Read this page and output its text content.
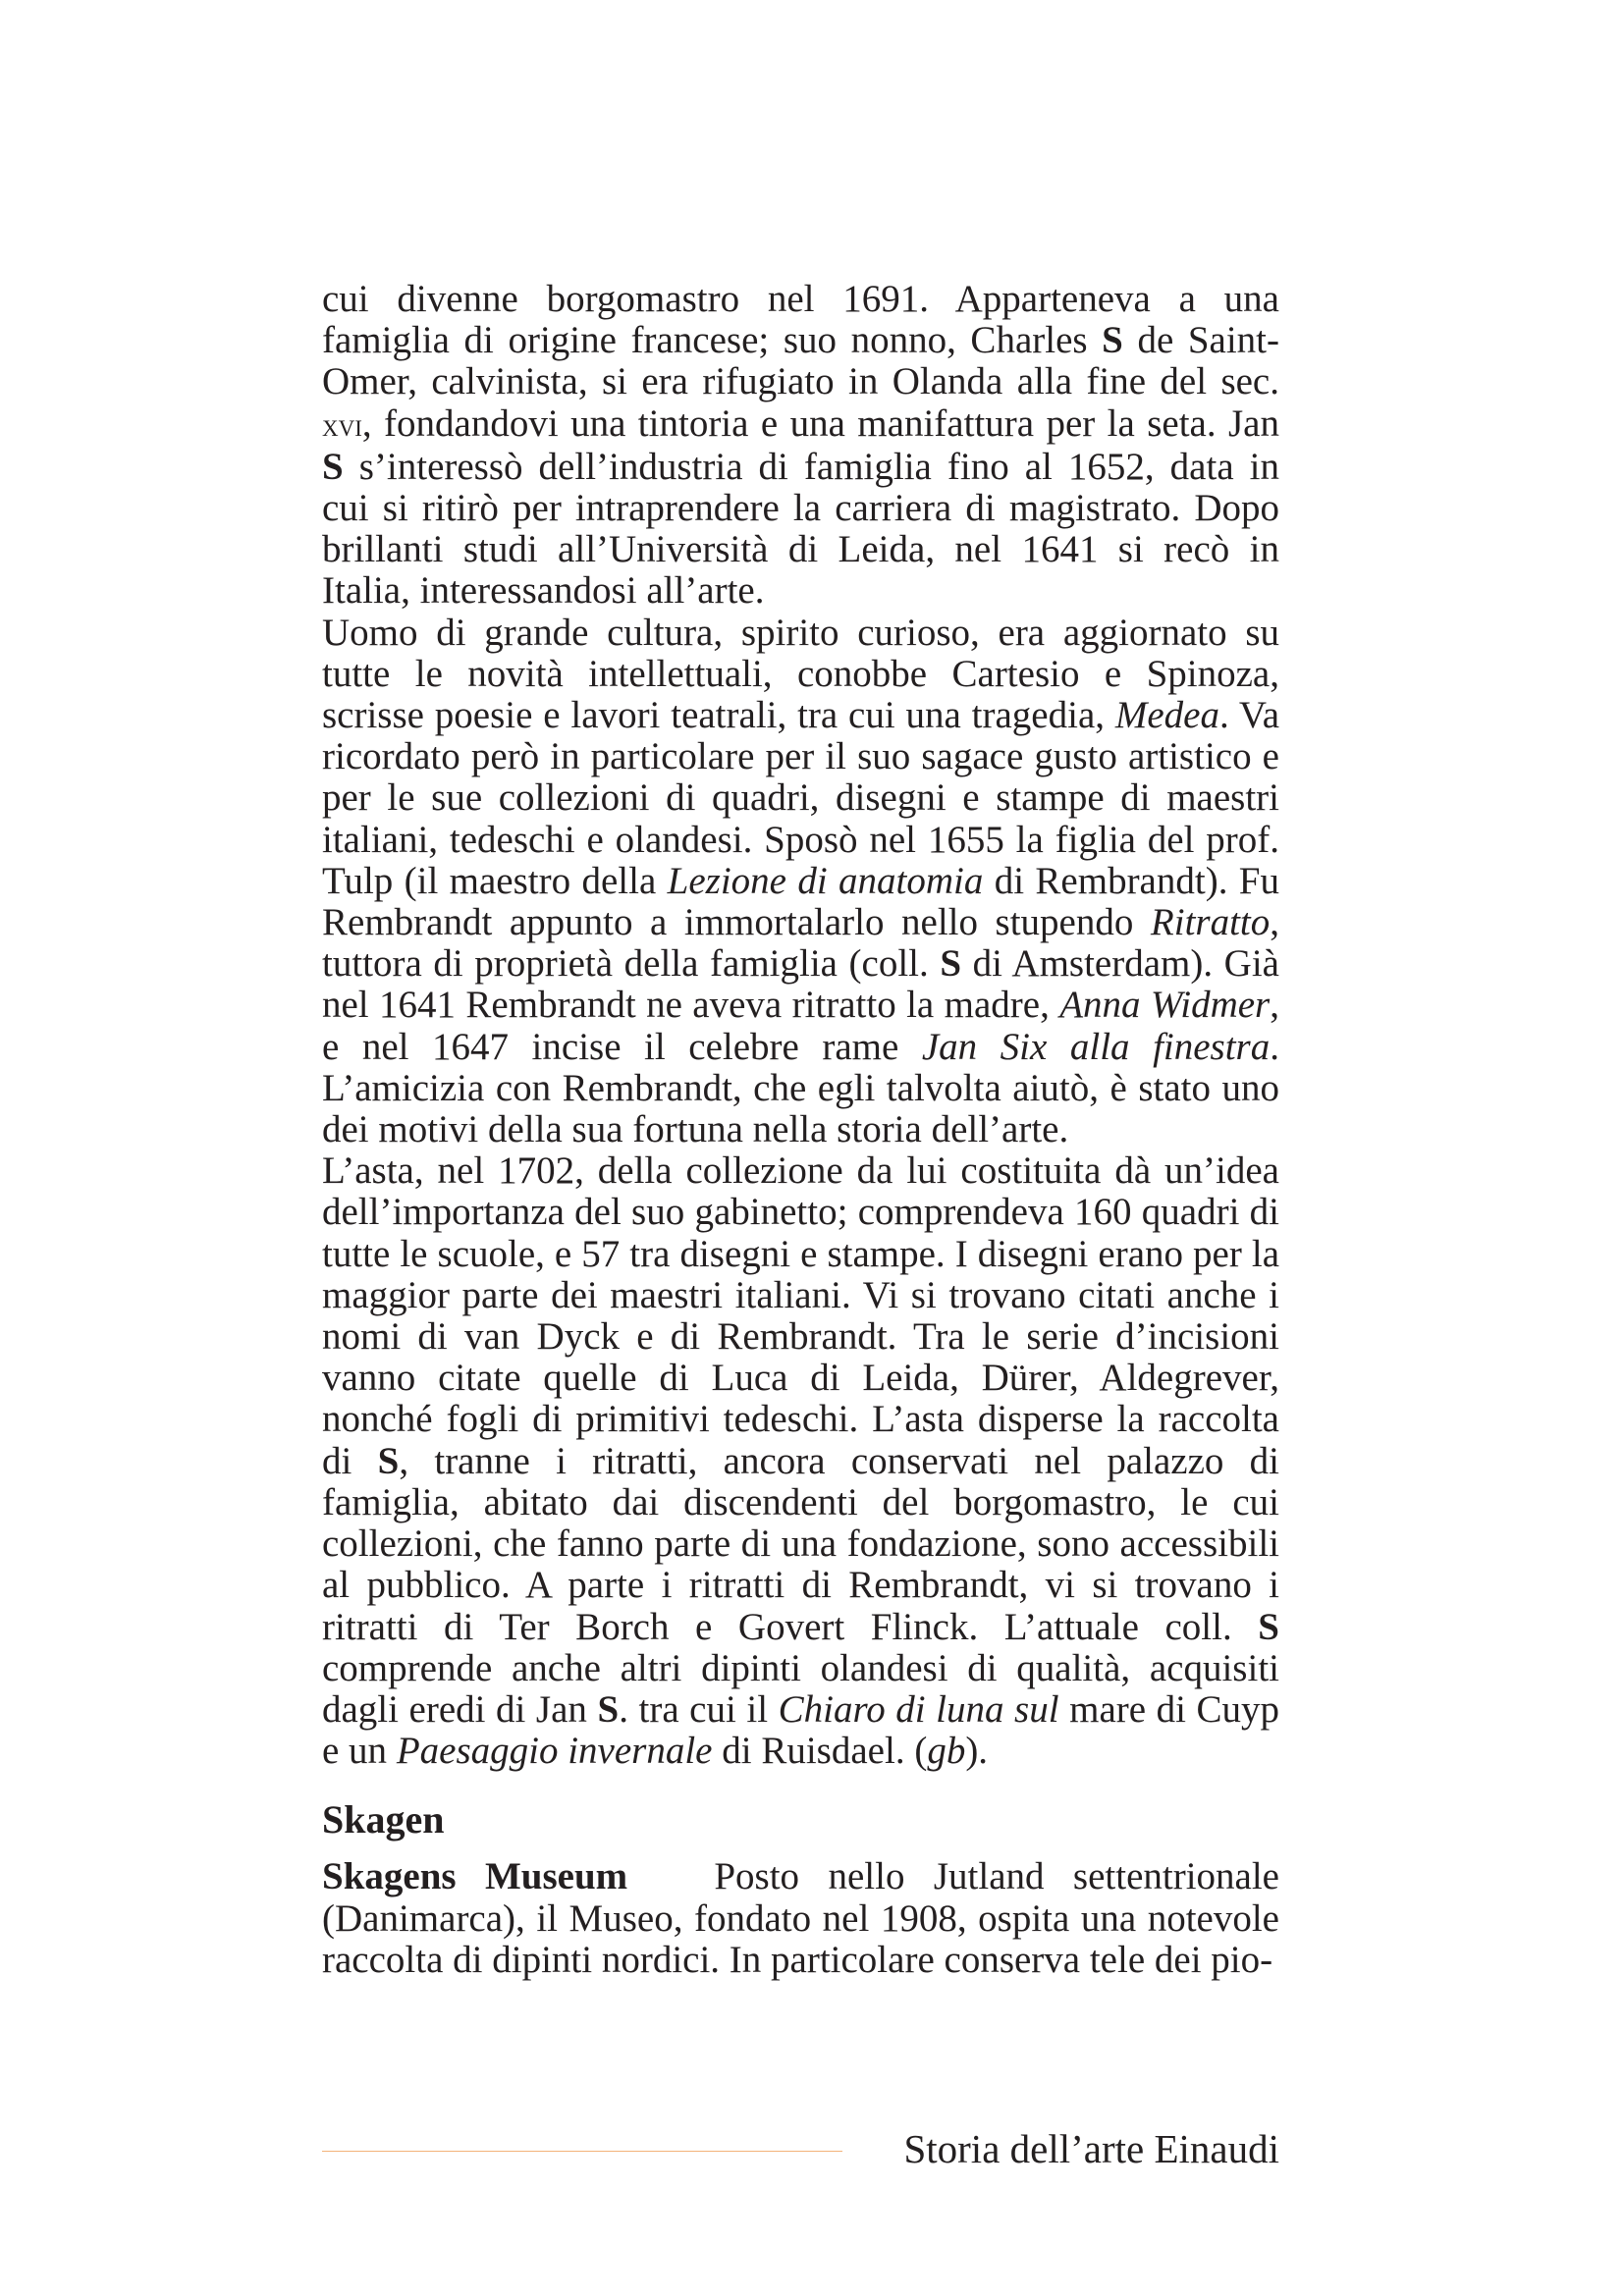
cui divenne borgomastro nel 1691. Apparteneva a una famiglia di origine francese; suo nonno, Charles S de Saint-Omer, calvinista, si era rifugiato in Olanda alla fine del sec. xvi, fondandovi una tintoria e una manifattura per la seta. Jan S s’interessò dell’industria di famiglia fino al 1652, data in cui si ritirò per intraprendere la carriera di magistrato. Dopo brillanti studi all’Università di Leida, nel 1641 si recò in Italia, interessandosi all’arte.

Uomo di grande cultura, spirito curioso, era aggiornato su tutte le novità intellettuali, conobbe Cartesio e Spinoza, scrisse poesie e lavori teatrali, tra cui una tragedia, Medea. Va ricordato però in particolare per il suo sagace gusto artistico e per le sue collezioni di quadri, disegni e stampe di maestri italiani, tedeschi e olandesi. Sposò nel 1655 la figlia del prof. Tulp (il maestro della Lezione di anatomia di Rembrandt). Fu Rembrandt appunto a immortalarlo nello stupendo Ritratto, tuttora di proprietà della famiglia (coll. S di Amsterdam). Già nel 1641 Rembrandt ne aveva ritratto la madre, Anna Widmer, e nel 1647 incise il celebre rame Jan Six alla finestra. L’amicizia con Rembrandt, che egli talvolta aiutò, è stato uno dei motivi della sua fortuna nella storia dell’arte.

L’asta, nel 1702, della collezione da lui costituita dà un’idea dell’importanza del suo gabinetto; comprendeva 160 quadri di tutte le scuole, e 57 tra disegni e stampe. I disegni erano per la maggior parte dei maestri italiani. Vi si trovano citati anche i nomi di van Dyck e di Rembrandt. Tra le serie d’incisioni vanno citate quelle di Luca di Leida, Dürer, Aldegrever, nonché fogli di primitivi tedeschi. L’asta disperse la raccolta di S, tranne i ritratti, ancora conservati nel palazzo di famiglia, abitato dai discendenti del borgomastro, le cui collezioni, che fanno parte di una fondazione, sono accessibili al pubblico. A parte i ritratti di Rembrandt, vi si trovano i ritratti di Ter Borch e Govert Flinck. L’attuale coll. S comprende anche altri dipinti olandesi di qualità, acquisiti dagli eredi di Jan S. tra cui il Chiaro di luna sul mare di Cuyp e un Paesaggio invernale di Ruisdael. (gb).

Skagen

Skagens Museum Posto nello Jutland settentrionale (Danimarca), il Museo, fondato nel 1908, ospita una notevole raccolta di dipinti nordici. In particolare conserva tele dei pio-

Storia dell’arte Einaudi
